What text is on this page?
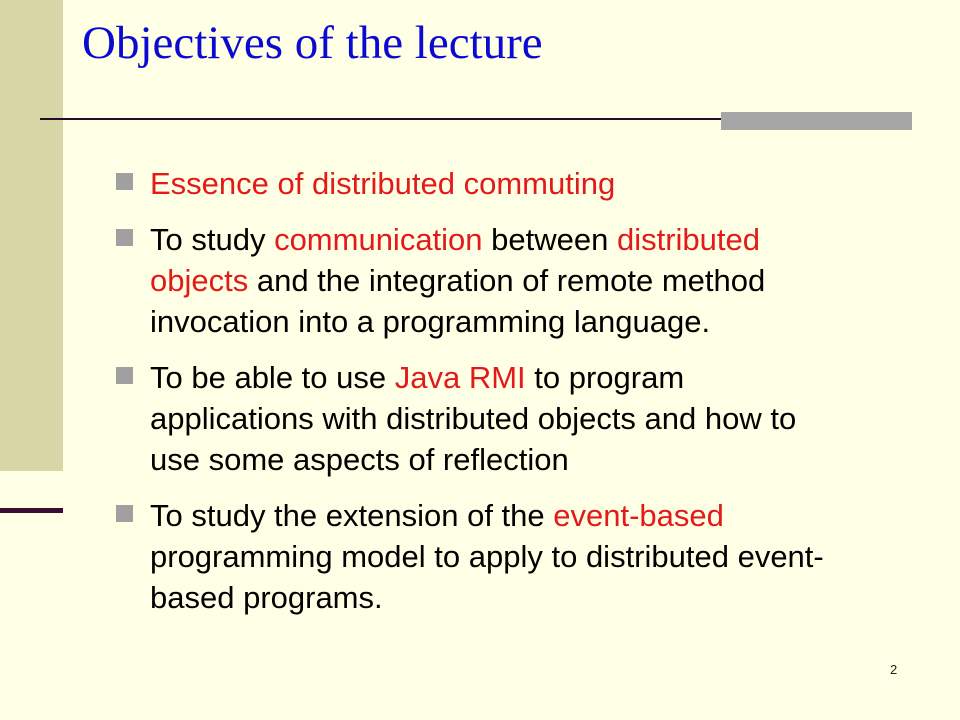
Objectives of the lecture
Essence of distributed commuting
To study communication between distributed objects and the integration of remote method invocation into a programming language.
To be able to use Java RMI to program applications with distributed objects and how to use some aspects of reflection
To study the extension of the event-based programming model to apply to distributed event-based programs.
2
